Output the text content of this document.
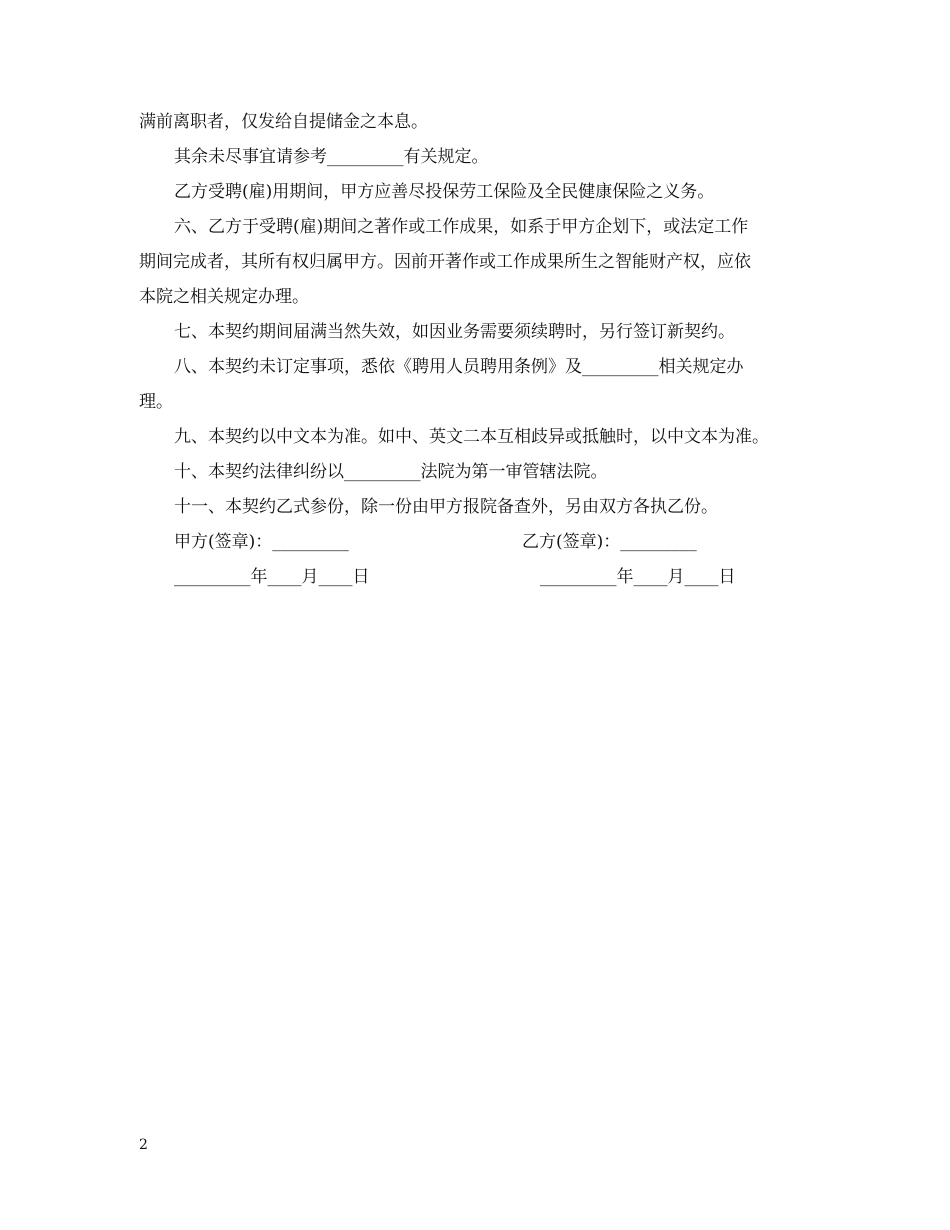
满前离职者，仅发给自提储金之本息。
其余未尽事宜请参考_________有关规定。
乙方受聘(雇)用期间，甲方应善尽投保劳工保险及全民健康保险之义务。
六、乙方于受聘(雇)期间之著作或工作成果，如系于甲方企划下，或法定工作
期间完成者，其所有权归属甲方。因前开著作或工作成果所生之智能财产权，应依
本院之相关规定办理。
七、本契约期间届满当然失效，如因业务需要须续聘时，另行签订新契约。
八、本契约未订定事项，悉依《聘用人员聘用条例》及_________相关规定办
理。
九、本契约以中文本为准。如中、英文二本互相歧异或抵触时，以中文本为准。
十、本契约法律纠纷以_________法院为第一审管辖法院。
十一、本契约乙式参份，除一份由甲方报院备查外，另由双方各执乙份。
甲方(签章)：_________	乙方(签章)：_________
_________年____月____日	_________年____月____日
2
